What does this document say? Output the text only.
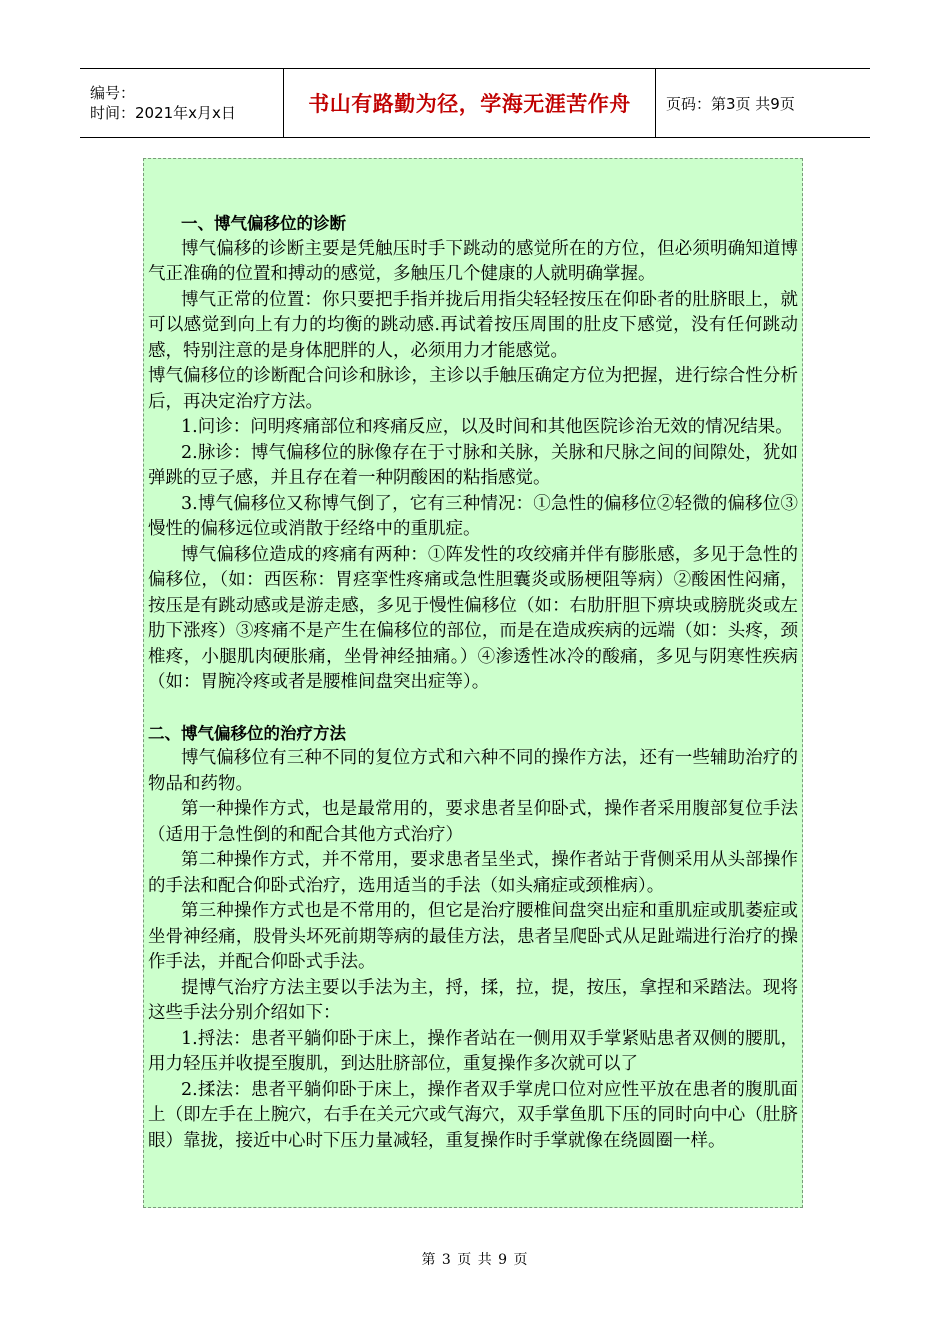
编号：
时间：2021年x月x日	书山有路勤为径，学海无涯苦作舟 页码：第3页 共9页

一、博气偏移位的诊断

博气偏移的诊断主要是凭触压时手下跳动的感觉所在的方位，但必须明确知道博气正准确的位置和搏动的感觉，多触压几个健康的人就明确掌握。

博气正常的位置：你只要把手指并拢后用指尖轻轻按压在仰卧者的肚脐眼上，就可以感觉到向上有力的均衡的跳动感.再试着按压周围的肚皮下感觉，没有任何跳动感，特别注意的是身体肥胖的人，必须用力才能感觉。

博气偏移位的诊断配合问诊和脉诊，主诊以手触压确定方位为把握，进行综合性分析后，再决定治疗方法。

1.问诊：问明疼痛部位和疼痛反应，以及时间和其他医院诊治无效的情况结果。

2.脉诊：博气偏移位的脉像存在于寸脉和关脉，关脉和尺脉之间的间隙处，犹如弹跳的豆子感，并且存在着一种阴酸困的粘指感觉。

3.博气偏移位又称博气倒了，它有三种情况：①急性的偏移位②轻微的偏移位③慢性的偏移远位或消散于经络中的重肌症。

博气偏移位造成的疼痛有两种：①阵发性的攻绞痛并伴有膨胀感，多见于急性的偏移位，（如：西医称：胃痉挛性疼痛或急性胆囊炎或肠梗阻等病）②酸困性闷痛，按压是有跳动感或是游走感，多见于慢性偏移位（如：右肋肝胆下痹块或膀胱炎或左肋下涨疼）③疼痛不是产生在偏移位的部位，而是在造成疾病的远端（如：头疼，颈椎疼，小腿肌肉硬胀痛，坐骨神经抽痛。）④渗透性冰冷的酸痛，多见与阴寒性疾病（如：胃腕冷疼或者是腰椎间盘突出症等）。

二、博气偏移位的治疗方法

博气偏移位有三种不同的复位方式和六种不同的操作方法，还有一些辅助治疗的物品和药物。

第一种操作方式，也是最常用的，要求患者呈仰卧式，操作者采用腹部复位手法（适用于急性倒的和配合其他方式治疗）

第二种操作方式，并不常用，要求患者呈坐式，操作者站于背侧采用从头部操作的手法和配合仰卧式治疗，选用适当的手法（如头痛症或颈椎病）。

第三种操作方式也是不常用的，但它是治疗腰椎间盘突出症和重肌症或肌萎症或坐骨神经痛，股骨头坏死前期等病的最佳方法，患者呈爬卧式从足趾端进行治疗的操作手法，并配合仰卧式手法。

提博气治疗方法主要以手法为主，捋，揉，拉，提，按压，拿捏和采踏法。现将这些手法分别介绍如下：

1.捋法：患者平躺仰卧于床上，操作者站在一侧用双手掌紧贴患者双侧的腰肌，用力轻压并收提至腹肌，到达肚脐部位，重复操作多次就可以了

2.揉法：患者平躺仰卧于床上，操作者双手掌虎口位对应性平放在患者的腹肌面上（即左手在上腕穴，右手在关元穴或气海穴，双手掌鱼肌下压的同时向中心（肚脐眼）靠拢，接近中心时下压力量减轻，重复操作时手掌就像在绕圆圈一样。

第 3 页 共 9 页
